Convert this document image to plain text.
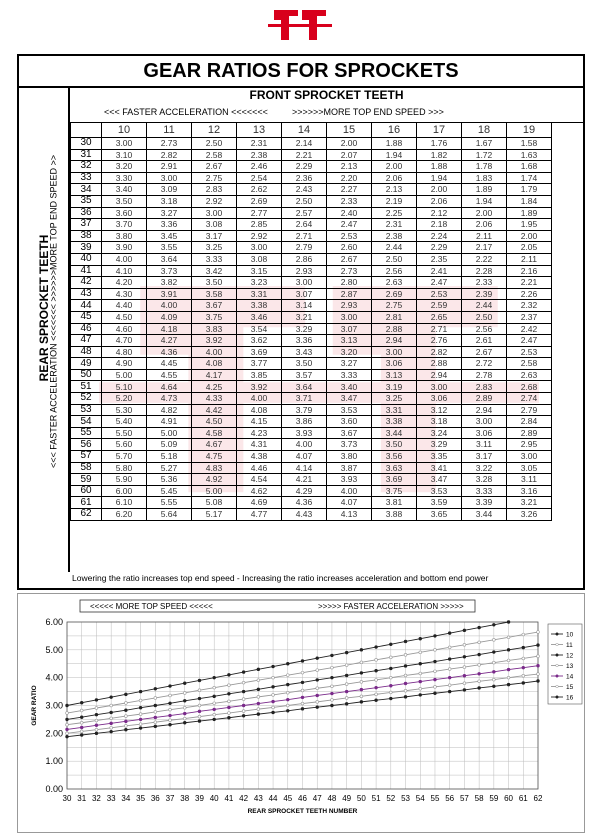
GEAR RATIOS FOR SPROCKETS
REAR SPROCKET TEETH
<<< FASTER ACCELERATION <<<<<<< >>>>>>MORE TOP END SPEED >>
FRONT SPROCKET TEETH
<<< FASTER ACCELERATION <<<<<<<	>>>>>>MORE TOP END SPEED >>>
	10	11	12	13	14	15	16	17	18	19
30	3.00	2.73	2.50	2.31	2.14	2.00	1.88	1.76	1.67	1.58
31	3.10	2.82	2.58	2.38	2.21	2.07	1.94	1.82	1.72	1.63
32	3.20	2.91	2.67	2.46	2.29	2.13	2.00	1.88	1.78	1.68
33	3.30	3.00	2.75	2.54	2.36	2.20	2.06	1.94	1.83	1.74
34	3.40	3.09	2.83	2.62	2.43	2.27	2.13	2.00	1.89	1.79
35	3.50	3.18	2.92	2.69	2.50	2.33	2.19	2.06	1.94	1.84
36	3.60	3.27	3.00	2.77	2.57	2.40	2.25	2.12	2.00	1.89
37	3.70	3.36	3.08	2.85	2.64	2.47	2.31	2.18	2.06	1.95
38	3.80	3.45	3.17	2.92	2.71	2.53	2.38	2.24	2.11	2.00
39	3.90	3.55	3.25	3.00	2.79	2.60	2.44	2.29	2.17	2.05
40	4.00	3.64	3.33	3.08	2.86	2.67	2.50	2.35	2.22	2.11
41	4.10	3.73	3.42	3.15	2.93	2.73	2.56	2.41	2.28	2.16
42	4.20	3.82	3.50	3.23	3.00	2.80	2.63	2.47	2.33	2.21
43	4.30	3.91	3.58	3.31	3.07	2.87	2.69	2.53	2.39	2.26
44	4.40	4.00	3.67	3.38	3.14	2.93	2.75	2.59	2.44	2.32
45	4.50	4.09	3.75	3.46	3.21	3.00	2.81	2.65	2.50	2.37
46	4.60	4.18	3.83	3.54	3.29	3.07	2.88	2.71	2.56	2.42
47	4.70	4.27	3.92	3.62	3.36	3.13	2.94	2.76	2.61	2.47
48	4.80	4.36	4.00	3.69	3.43	3.20	3.00	2.82	2.67	2.53
49	4.90	4.45	4.08	3.77	3.50	3.27	3.06	2.88	2.72	2.58
50	5.00	4.55	4.17	3.85	3.57	3.33	3.13	2.94	2.78	2.63
51	5.10	4.64	4.25	3.92	3.64	3.40	3.19	3.00	2.83	2.68
52	5.20	4.73	4.33	4.00	3.71	3.47	3.25	3.06	2.89	2.74
53	5.30	4.82	4.42	4.08	3.79	3.53	3.31	3.12	2.94	2.79
54	5.40	4.91	4.50	4.15	3.86	3.60	3.38	3.18	3.00	2.84
55	5.50	5.00	4.58	4.23	3.93	3.67	3.44	3.24	3.06	2.89
56	5.60	5.09	4.67	4.31	4.00	3.73	3.50	3.29	3.11	2.95
57	5.70	5.18	4.75	4.38	4.07	3.80	3.56	3.35	3.17	3.00
58	5.80	5.27	4.83	4.46	4.14	3.87	3.63	3.41	3.22	3.05
59	5.90	5.36	4.92	4.54	4.21	3.93	3.69	3.47	3.28	3.11
60	6.00	5.45	5.00	4.62	4.29	4.00	3.75	3.53	3.33	3.16
61	6.10	5.55	5.08	4.69	4.36	4.07	3.81	3.59	3.39	3.21
62	6.20	5.64	5.17	4.77	4.43	4.13	3.88	3.65	3.44	3.26
Lowering the ratio increases top end speed - Increasing the ratio increases acceleration and bottom end power
<<<<< MORE TOP SPEED <<<<<	>>>>> FASTER ACCELERATION >>>>>
0.00
1.00
2.00
3.00
4.00
5.00
6.00
30 31 32 33 34 35 36 37 38 39 40 41 42 43 44 45 46 47 48 49 50 51 52 53 54 55 56 57 58 59 60 61 62
REAR SPROCKET TEETH NUMBER
GEAR RATIO
10
11
12
13
14
15
16
